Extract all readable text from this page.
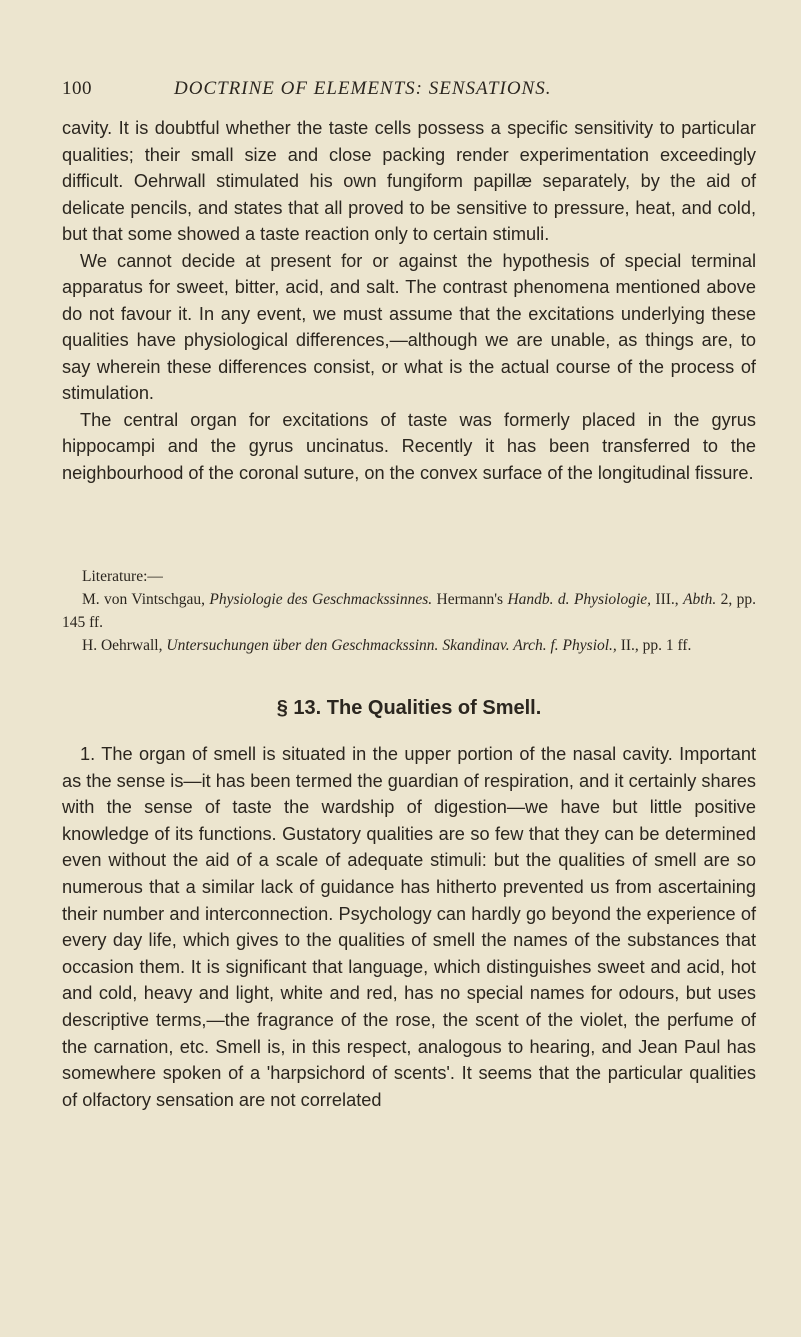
100	DOCTRINE OF ELEMENTS: SENSATIONS.

cavity. It is doubtful whether the taste cells possess a specific sensitivity to particular qualities; their small size and close packing render experimentation exceedingly difficult. Oehrwall stimulated his own fungiform papillæ separately, by the aid of delicate pencils, and states that all proved to be sensitive to pressure, heat, and cold, but that some showed a taste reaction only to certain stimuli.

We cannot decide at present for or against the hypothesis of special terminal apparatus for sweet, bitter, acid, and salt. The contrast phenomena mentioned above do not favour it. In any event, we must assume that the excitations underlying these qualities have physiological differences,—although we are unable, as things are, to say wherein these differences consist, or what is the actual course of the process of stimulation.

The central organ for excitations of taste was formerly placed in the gyrus hippocampi and the gyrus uncinatus. Recently it has been transferred to the neighbourhood of the coronal suture, on the convex surface of the longitudinal fissure.

Literature:—
M. von Vintschgau, Physiologie des Geschmackssinnes. Hermann's Handb. d. Physiologie, III., Abth. 2, pp. 145 ff.
H. Oehrwall, Untersuchungen über den Geschmackssinn. Skandinav. Arch. f. Physiol., II., pp. 1 ff.
§ 13. The Qualities of Smell.

1. The organ of smell is situated in the upper portion of the nasal cavity. Important as the sense is—it has been termed the guardian of respiration, and it certainly shares with the sense of taste the wardship of digestion—we have but little positive knowledge of its functions. Gustatory qualities are so few that they can be determined even without the aid of a scale of adequate stimuli: but the qualities of smell are so numerous that a similar lack of guidance has hitherto prevented us from ascertaining their number and interconnection. Psychology can hardly go beyond the experience of every day life, which gives to the qualities of smell the names of the substances that occasion them. It is significant that language, which distinguishes sweet and acid, hot and cold, heavy and light, white and red, has no special names for odours, but uses descriptive terms,—the fragrance of the rose, the scent of the violet, the perfume of the carnation, etc. Smell is, in this respect, analogous to hearing, and Jean Paul has somewhere spoken of a 'harpsichord of scents'. It seems that the particular qualities of olfactory sensation are not correlated
